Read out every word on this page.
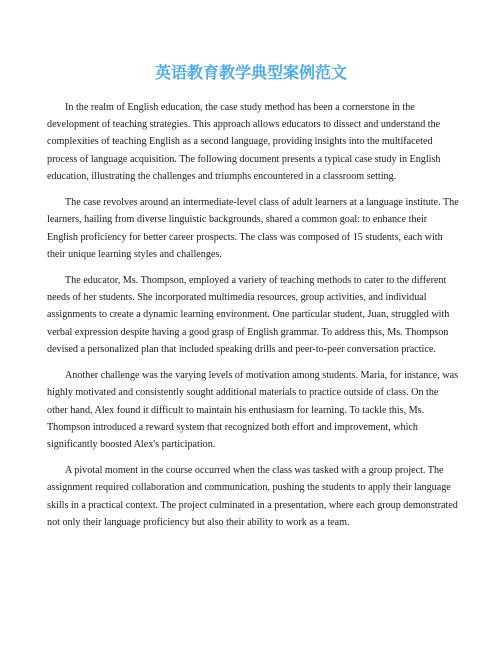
英语教育教学典型案例范文

In the realm of English education, the case study method has been a cornerstone in the development of teaching strategies. This approach allows educators to dissect and understand the complexities of teaching English as a second language, providing insights into the multifaceted process of language acquisition. The following document presents a typical case study in English education, illustrating the challenges and triumphs encountered in a classroom setting.

The case revolves around an intermediate-level class of adult learners at a language institute. The learners, hailing from diverse linguistic backgrounds, shared a common goal: to enhance their English proficiency for better career prospects. The class was composed of 15 students, each with their unique learning styles and challenges.

The educator, Ms. Thompson, employed a variety of teaching methods to cater to the different needs of her students. She incorporated multimedia resources, group activities, and individual assignments to create a dynamic learning environment. One particular student, Juan, struggled with verbal expression despite having a good grasp of English grammar. To address this, Ms. Thompson devised a personalized plan that included speaking drills and peer-to-peer conversation practice.

Another challenge was the varying levels of motivation among students. Maria, for instance, was highly motivated and consistently sought additional materials to practice outside of class. On the other hand, Alex found it difficult to maintain his enthusiasm for learning. To tackle this, Ms. Thompson introduced a reward system that recognized both effort and improvement, which significantly boosted Alex's participation.

A pivotal moment in the course occurred when the class was tasked with a group project. The assignment required collaboration and communication, pushing the students to apply their language skills in a practical context. The project culminated in a presentation, where each group demonstrated not only their language proficiency but also their ability to work as a team.
